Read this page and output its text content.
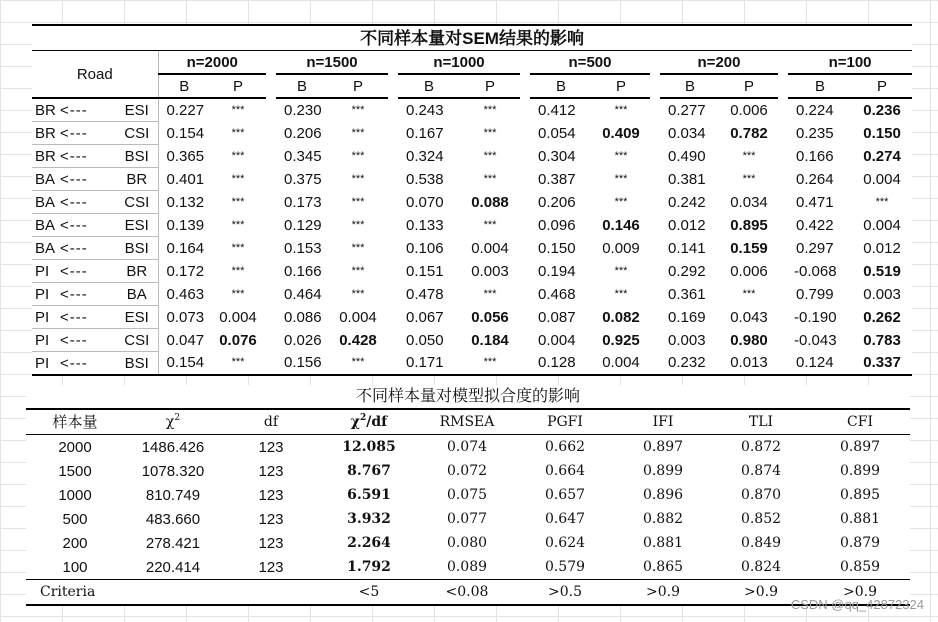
不同样本量对SEM结果的影响																			
Road			n=2000			n=1500			n=1000			n=500			n=200			n=100	
			B	P		B	P		B	P		B	P		B	P		B	P
BR	<---	ESI	0.227	***		0.230	***		0.243	***		0.412	***		0.277	0.006		0.224	0.236
BR	<---	CSI	0.154	***		0.206	***		0.167	***		0.054	0.409		0.034	0.782		0.235	0.150
BR	<---	BSI	0.365	***		0.345	***		0.324	***		0.304	***		0.490	***		0.166	0.274
BA	<---	BR	0.401	***		0.375	***		0.538	***		0.387	***		0.381	***		0.264	0.004
BA	<---	CSI	0.132	***		0.173	***		0.070	0.088		0.206	***		0.242	0.034		0.471	***
BA	<---	ESI	0.139	***		0.129	***		0.133	***		0.096	0.146		0.012	0.895		0.422	0.004
BA	<---	BSI	0.164	***		0.153	***		0.106	0.004		0.150	0.009		0.141	0.159		0.297	0.012
PI	<---	BR	0.172	***		0.166	***		0.151	0.003		0.194	***		0.292	0.006		-0.068	0.519
PI	<---	BA	0.463	***		0.464	***		0.478	***		0.468	***		0.361	***		0.799	0.003
PI	<---	ESI	0.073	0.004		0.086	0.004		0.067	0.056		0.087	0.082		0.169	0.043		-0.190	0.262
PI	<---	CSI	0.047	0.076		0.026	0.428		0.050	0.184		0.004	0.925		0.003	0.980		-0.043	0.783
PI	<---	BSI	0.154	***		0.156	***		0.171	***		0.128	0.004		0.232	0.013		0.124	0.337
不同样本量对模型拟合度的影响								
样本量	$\chi^2$	df	$\chi^2/df$	RMSEA	PGFI	IFI	TLI	CFI
2000	1486.426	123	12.085	0.074	0.662	0.897	0.872	0.897
1500	1078.320	123	8.767	0.072	0.664	0.899	0.874	0.899
1000	810.749	123	6.591	0.075	0.657	0.896	0.870	0.895
500	483.660	123	3.932	0.077	0.647	0.882	0.852	0.881
200	278.421	123	2.264	0.080	0.624	0.881	0.849	0.879
100	220.414	123	1.792	0.089	0.579	0.865	0.824	0.859
Criteria			<5	<0.08	>0.5	>0.9	>0.9	>0.9
CSDN @qq_42872324
